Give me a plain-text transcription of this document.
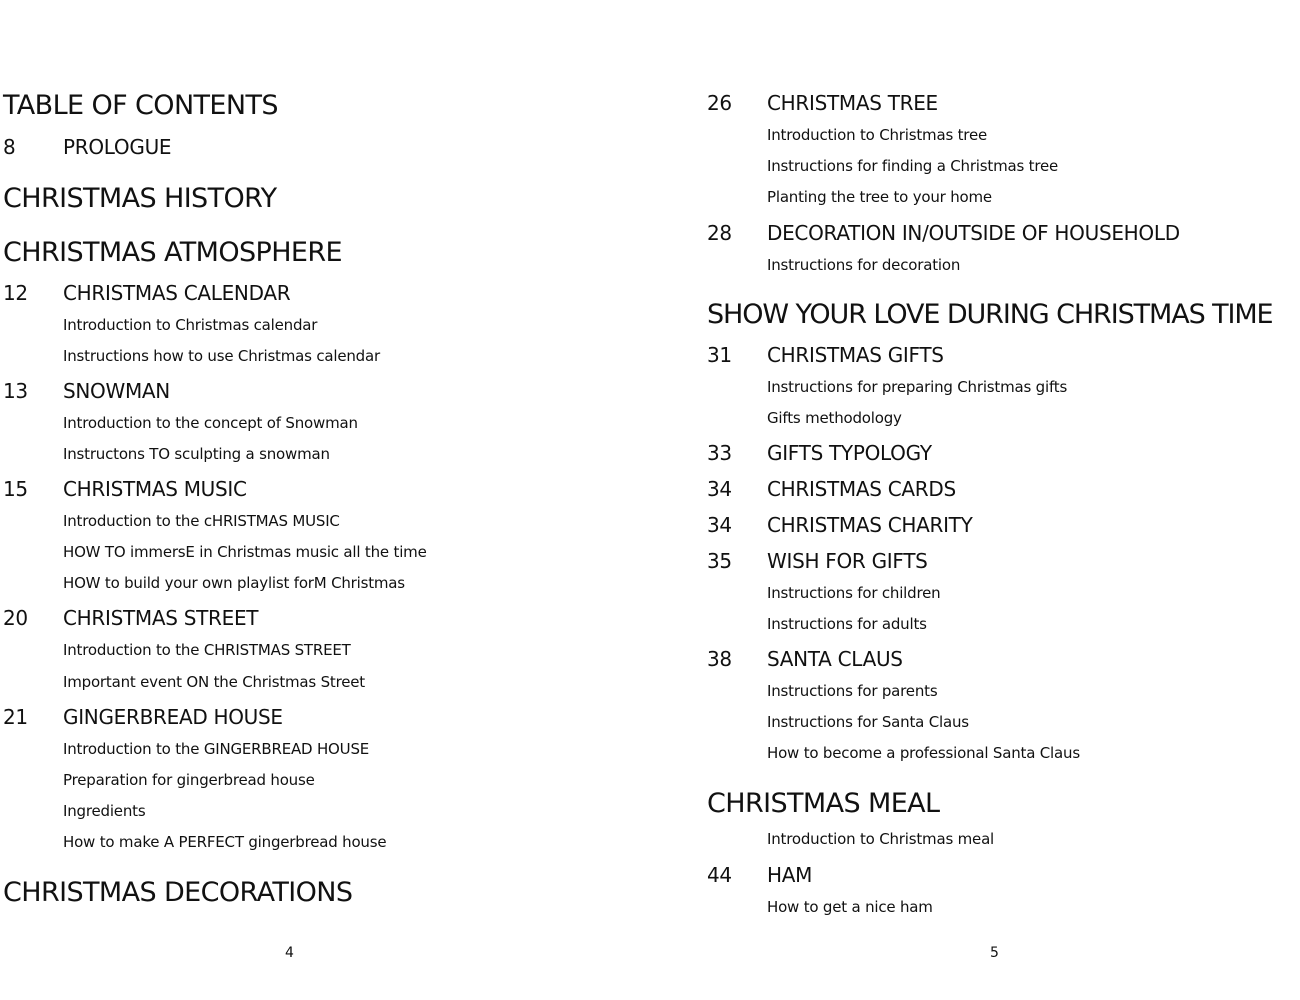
TABLE OF CONTENTS
8 PROLOGUE
CHRISTMAS HISTORY
CHRISTMAS ATMOSPHERE
12 CHRISTMAS CALENDAR
Introduction to Christmas calendar
Instructions how to use Christmas calendar
13 SNOWMAN
Introduction to the concept of Snowman
Instructons TO sculpting a snowman
15 CHRISTMAS MUSIC
Introduction to the cHRISTMAS MUSIC
HOW TO immersE in Christmas music all the time
HOW to build your own playlist forM Christmas
20 CHRISTMAS STREET
Introduction to the CHRISTMAS STREET
Important event ON the Christmas Street
21 GINGERBREAD HOUSE
Introduction to the GINGERBREAD HOUSE
Preparation for gingerbread house
Ingredients
How to make A PERFECT gingerbread house
CHRISTMAS DECORATIONS
4
26 CHRISTMAS TREE
Introduction to Christmas tree
Instructions for finding a Christmas tree
Planting the tree to your home
28 DECORATION IN/OUTSIDE OF HOUSEHOLD
Instructions for decoration
SHOW YOUR LOVE DURING CHRISTMAS TIME
31 CHRISTMAS GIFTS
Instructions for preparing Christmas gifts
Gifts methodology
33 GIFTS TYPOLOGY
34 CHRISTMAS CARDS
34 CHRISTMAS CHARITY
35 WISH FOR GIFTS
Instructions for children
Instructions for adults
38 SANTA CLAUS
Instructions for parents
Instructions for Santa Claus
How to become a professional Santa Claus
CHRISTMAS MEAL
Introduction to Christmas meal
44 HAM
How to get a nice ham
5
